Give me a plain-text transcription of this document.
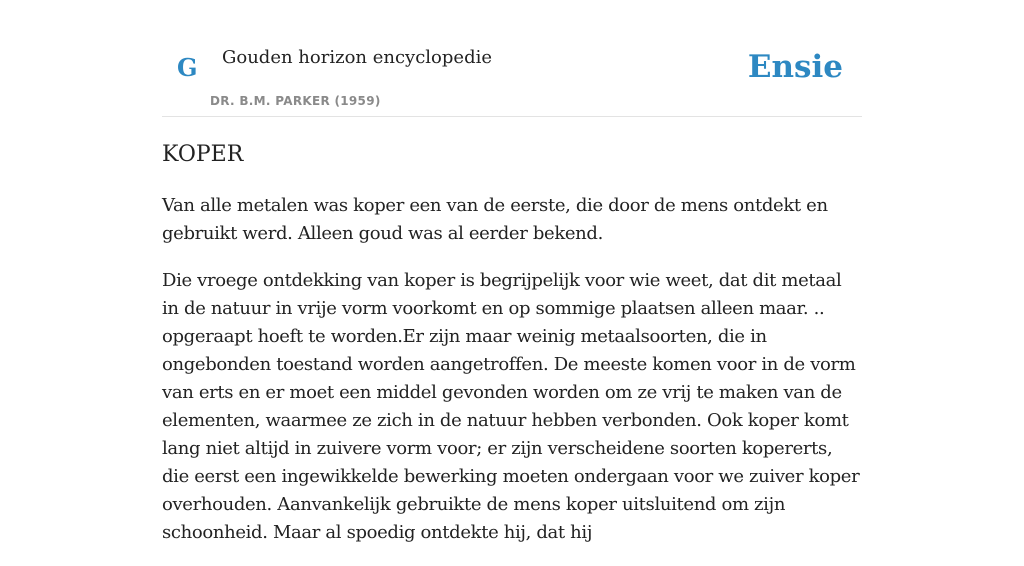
G Gouden horizon encyclopedie
DR. B.M. PARKER (1959)
Ensie
KOPER

Van alle metalen was koper een van de eerste, die door de mens ontdekt en gebruikt werd. Alleen goud was al eerder bekend.

Die vroege ontdekking van koper is begrijpelijk voor wie weet, dat dit metaal in de natuur in vrije vorm voorkomt en op sommige plaatsen alleen maar. .. opgeraapt hoeft te worden.Er zijn maar weinig metaalsoorten, die in ongebonden toestand worden aangetroffen. De meeste komen voor in de vorm van erts en er moet een middel gevonden worden om ze vrij te maken van de elementen, waarmee ze zich in de natuur hebben verbonden. Ook koper komt lang niet altijd in zuivere vorm voor; er zijn verscheidene soorten kopererts, die eerst een ingewikkelde bewerking moeten ondergaan voor we zuiver koper overhouden. Aanvankelijk gebruikte de mens koper uitsluitend om zijn schoonheid. Maar al spoedig ontdekte hij, dat hij
